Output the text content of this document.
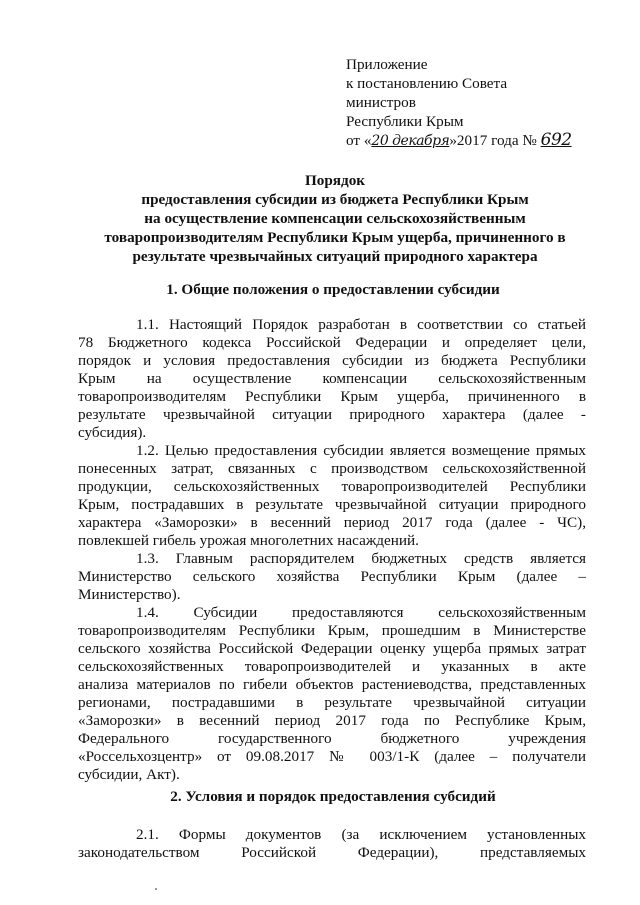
Приложение
к постановлению Совета
министров
Республики Крым
от «20 декабря»2017 года № 692
Порядок
предоставления субсидии из бюджета Республики Крым
на осуществление компенсации сельскохозяйственным
товаропроизводителям Республики Крым ущерба, причиненного в
результате чрезвычайных ситуаций природного характера
1. Общие положения о предоставлении субсидии
1.1. Настоящий Порядок разработан в соответствии со статьей
78 Бюджетного кодекса Российской Федерации и определяет цели,
порядок и условия предоставления субсидии из бюджета Республики
Крым на осуществление компенсации сельскохозяйственным
товаропроизводителям Республики Крым ущерба, причиненного в
результате чрезвычайной ситуации природного характера (далее -
субсидия).
1.2. Целью предоставления субсидии является возмещение прямых
понесенных затрат, связанных с производством сельскохозяйственной
продукции, сельскохозяйственных товаропроизводителей Республики
Крым, пострадавших в результате чрезвычайной ситуации природного
характера «Заморозки» в весенний период 2017 года (далее - ЧС),
повлекшей гибель урожая многолетних насаждений.
1.3. Главным распорядителем бюджетных средств является
Министерство сельского хозяйства Республики Крым (далее –
Министерство).
1.4. Субсидии предоставляются сельскохозяйственным
товаропроизводителям Республики Крым, прошедшим в Министерстве
сельского хозяйства Российской Федерации оценку ущерба прямых затрат
сельскохозяйственных товаропроизводителей и указанных в акте
анализа материалов по гибели объектов растениеводства, представленных
регионами, пострадавшими в результате чрезвычайной ситуации
«Заморозки» в весенний период 2017 года по Республике Крым,
Федерального государственного бюджетного учреждения
«Россельхозцентр» от 09.08.2017 № 003/1-К (далее – получатели
субсидии, Акт).
2. Условия и порядок предоставления субсидий
2.1. Формы документов (за исключением установленных
законодательством Российской Федерации), представляемых
